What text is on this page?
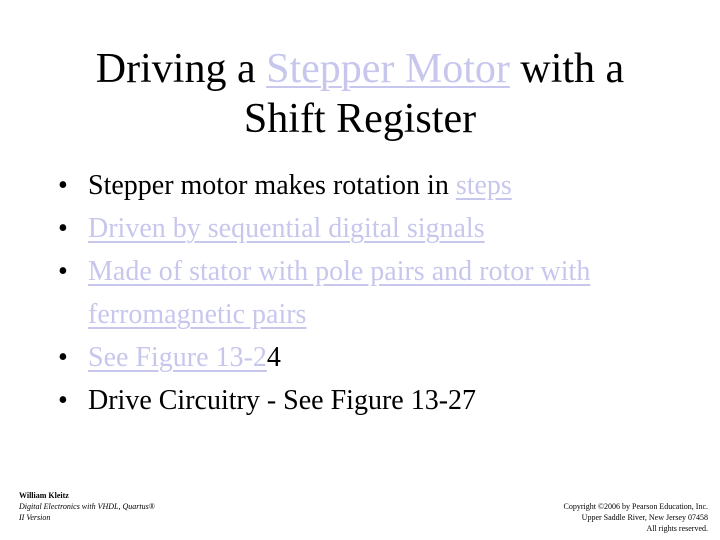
Driving a Stepper Motor with a
Shift Register
• Stepper motor makes rotation in steps
• Driven by sequential digital signals
• Made of stator with pole pairs and rotor with ferromagnetic pairs
• See Figure 13-24
• Drive Circuitry - See Figure 13-27
William Kleitz
Digital Electronics with VHDL, Quartus®
II Version
Copyright ©2006 by Pearson Education, Inc.
Upper Saddle River, New Jersey 07458
All rights reserved.
